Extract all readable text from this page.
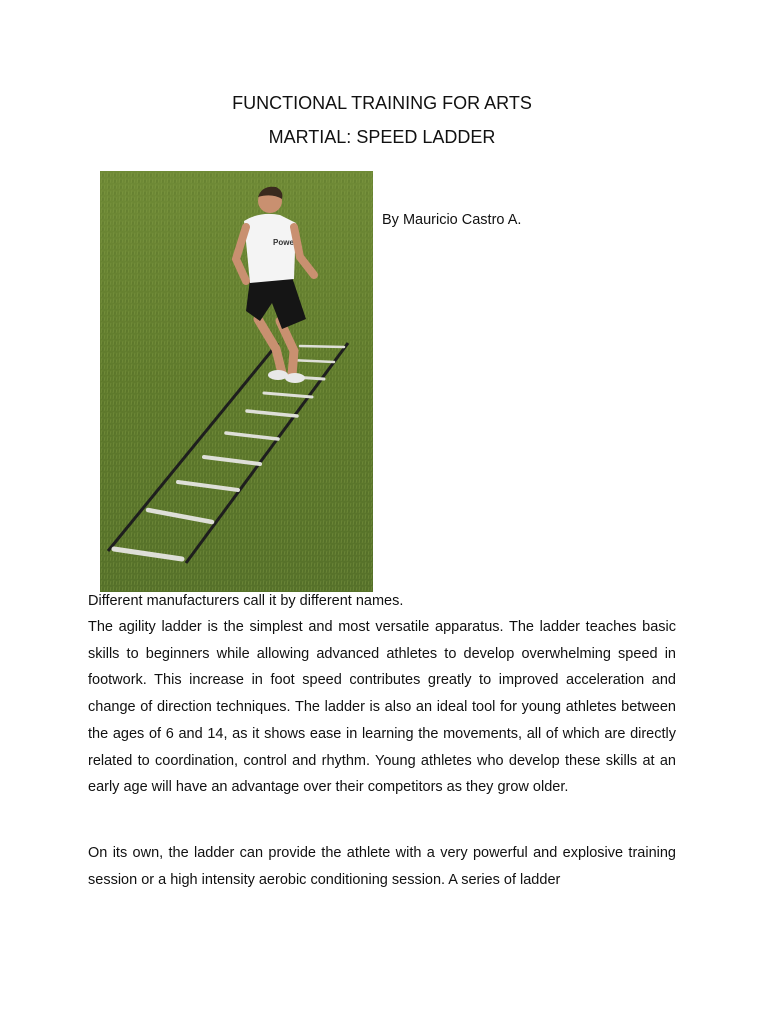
FUNCTIONAL TRAINING FOR ARTS
MARTIAL: SPEED LADDER
Power
By Mauricio Castro A.
Different manufacturers call it by different names.

The agility ladder is the simplest and most versatile apparatus. The ladder teaches basic skills to beginners while allowing advanced athletes to develop overwhelming speed in footwork. This increase in foot speed contributes greatly to improved acceleration and change of direction techniques. The ladder is also an ideal tool for young athletes between the ages of 6 and 14, as it shows ease in learning the movements, all of which are directly related to coordination, control and rhythm. Young athletes who develop these skills at an early age will have an advantage over their competitors as they grow older.

On its own, the ladder can provide the athlete with a very powerful and explosive training session or a high intensity aerobic conditioning session. A series of ladder
